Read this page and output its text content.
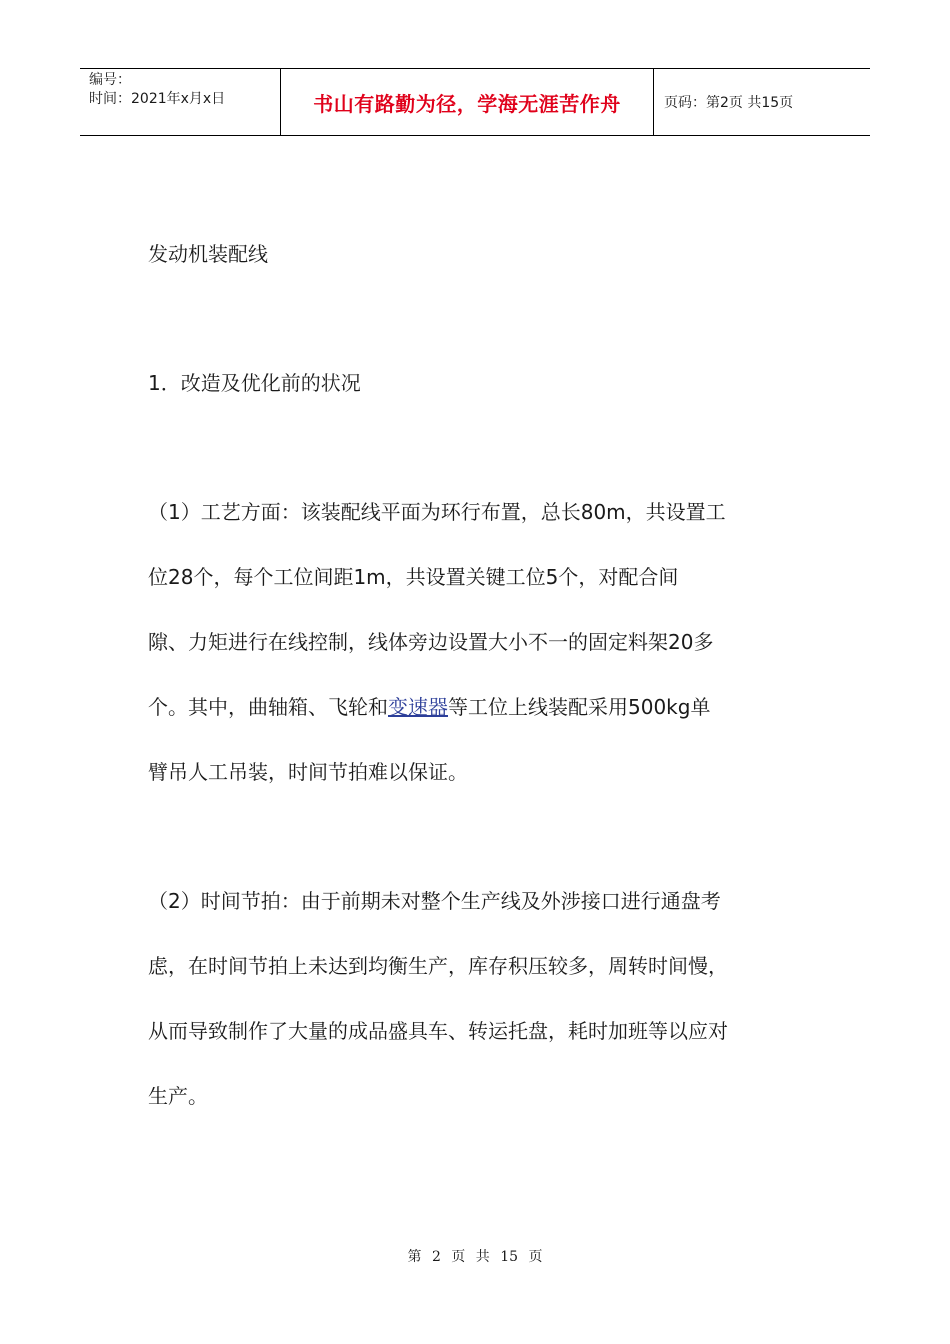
编号：
时间：2021年x月x日	书山有路勤为径，学海无涯苦作舟	页码：第2页 共15页
发动机装配线
1．改造及优化前的状况
（1）工艺方面：该装配线平面为环行布置，总长80m，共设置工
位28个，每个工位间距1m，共设置关键工位5个，对配合间
隙、力矩进行在线控制，线体旁边设置大小不一的固定料架20多
个。其中，曲轴箱、飞轮和变速器等工位上线装配采用500kg单
臂吊人工吊装，时间节拍难以保证。
（2）时间节拍：由于前期未对整个生产线及外涉接口进行通盘考
虑，在时间节拍上未达到均衡生产，库存积压较多，周转时间慢，
从而导致制作了大量的成品盛具车、转运托盘，耗时加班等以应对
生产。
第 2 页 共 15 页
